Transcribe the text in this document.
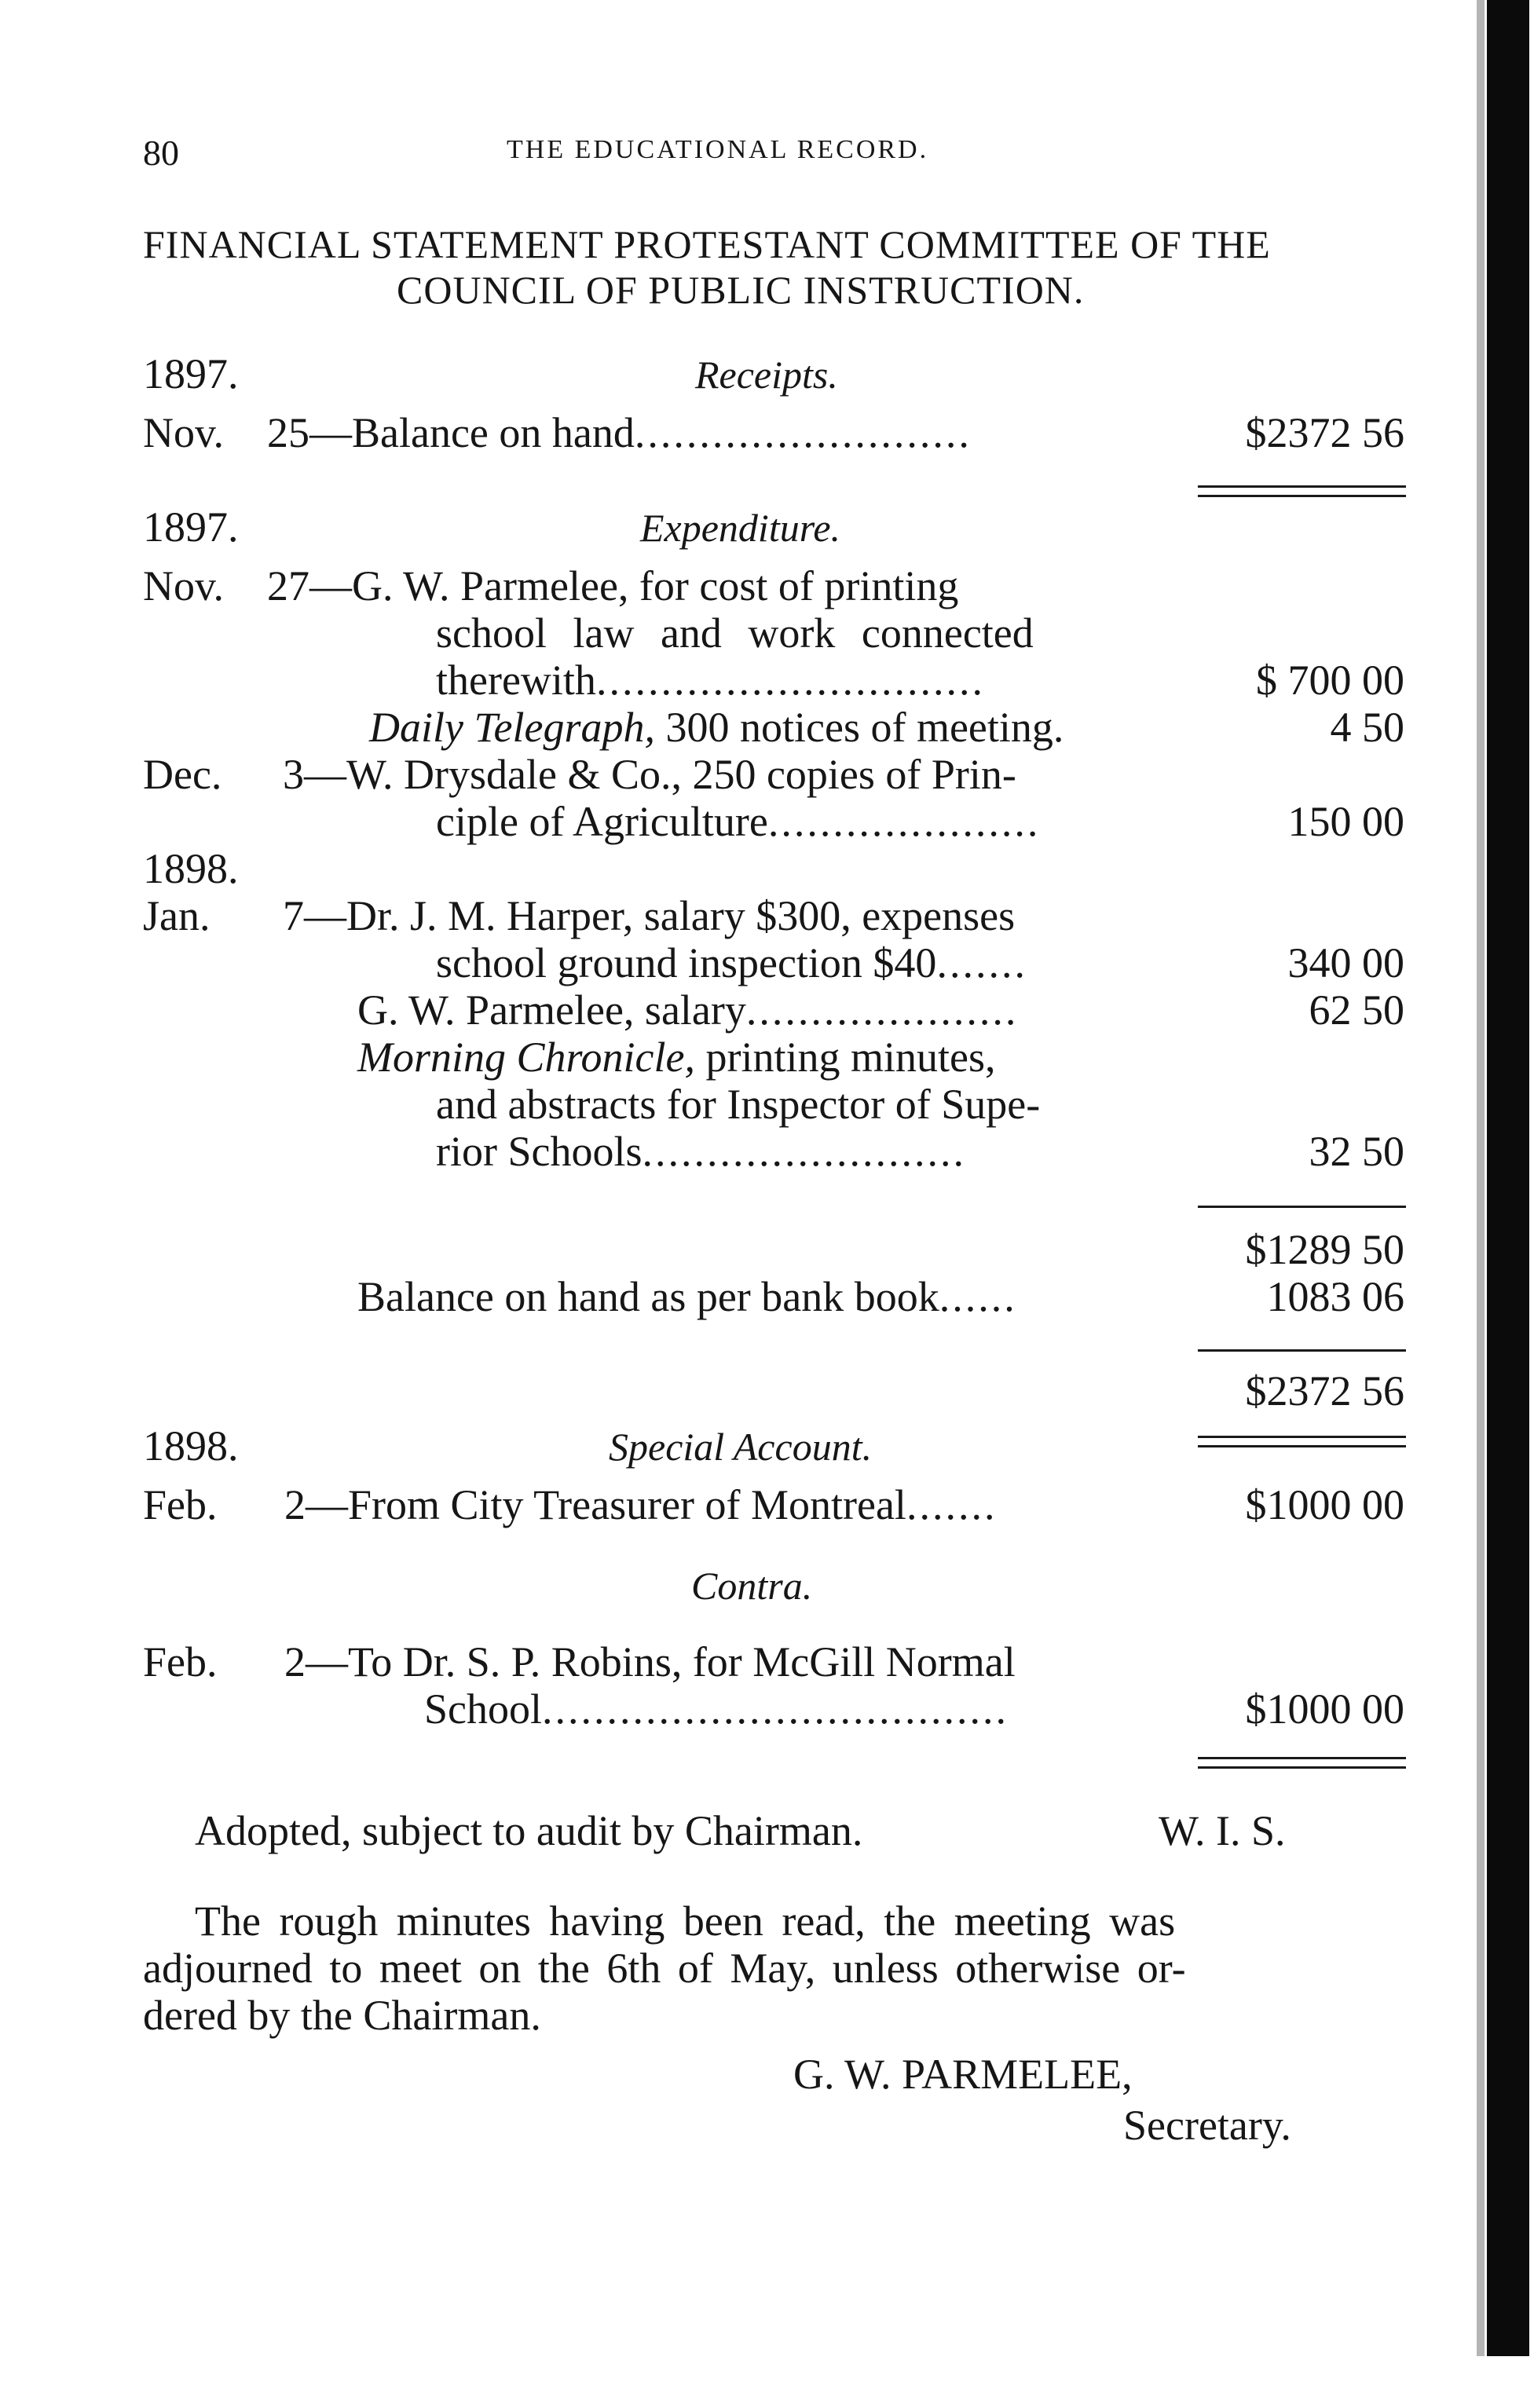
80	THE EDUCATIONAL RECORD.
FINANCIAL STATEMENT PROTESTANT COMMITTEE OF THE
COUNCIL OF PUBLIC INSTRUCTION.
1897.	Receipts.
Nov. 25—Balance on hand..........................	$2372 56
1897.	Expenditure.
Nov. 27—G. W. Parmelee, for cost of printing
school law and work connected
therewith..............................	$ 700 00
Daily Telegraph, 300 notices of meeting.	4 50
Dec. 3—W. Drysdale & Co., 250 copies of Prin-
ciple of Agriculture.....................	150 00
1898.
Jan. 7—Dr. J. M. Harper, salary $300, expenses
school ground inspection $40.......	340 00
G. W. Parmelee, salary.....................	62 50
Morning Chronicle, printing minutes,
and abstracts for Inspector of Supe-
rior Schools.........................	32 50
$1289 50
Balance on hand as per bank book......	1083 06
$2372 56
1898.	Special Account.
Feb. 2—From City Treasurer of Montreal.......	$1000 00
Contra.
Feb. 2—To Dr. S. P. Robins, for McGill Normal
School....................................	$1000 00
Adopted, subject to audit by Chairman.	W. I. S.
The rough minutes having been read, the meeting was
adjourned to meet on the 6th of May, unless otherwise or-
dered by the Chairman.
G. W. PARMELEE,
Secretary.
